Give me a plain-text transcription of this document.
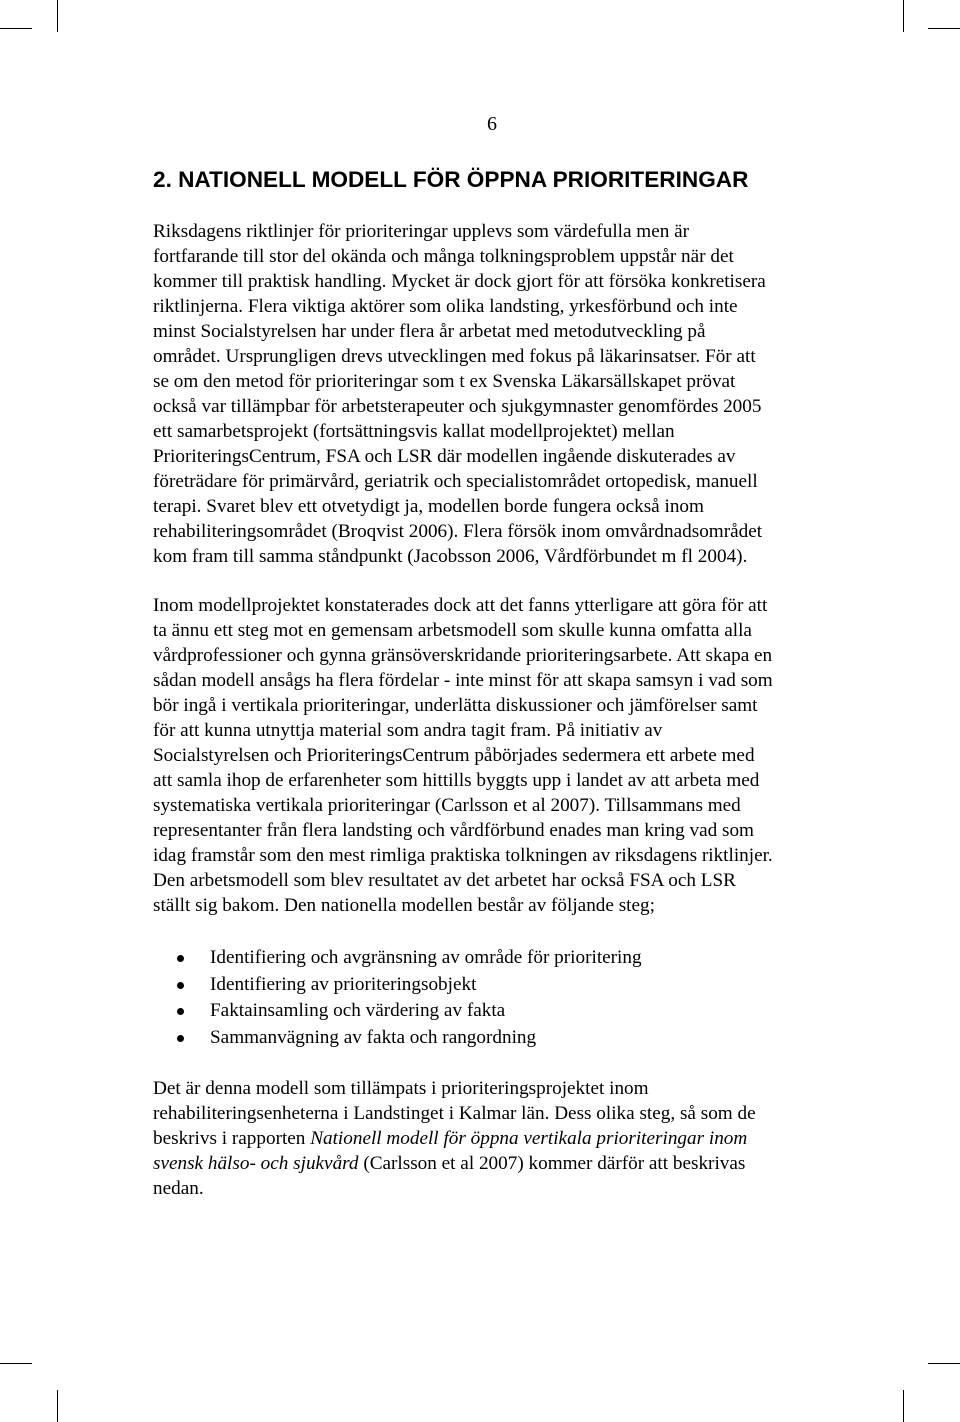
6
2. NATIONELL MODELL FÖR ÖPPNA PRIORITERINGAR
Riksdagens riktlinjer för prioriteringar upplevs som värdefulla men är
fortfarande till stor del okända och många tolkningsproblem uppstår när det
kommer till praktisk handling. Mycket är dock gjort för att försöka konkretisera
riktlinjerna. Flera viktiga aktörer som olika landsting, yrkesförbund och inte
minst Socialstyrelsen har under flera år arbetat med metodutveckling på
området. Ursprungligen drevs utvecklingen med fokus på läkarinsatser. För att
se om den metod för prioriteringar som t ex Svenska Läkarsällskapet prövat
också var tillämpbar för arbetsterapeuter och sjukgymnaster genomfördes 2005
ett samarbetsprojekt (fortsättningsvis kallat modellprojektet) mellan
PrioriteringsCentrum, FSA och LSR där modellen ingående diskuterades av
företrädare för primärvård, geriatrik och specialistområdet ortopedisk, manuell
terapi. Svaret blev ett otvetydigt ja, modellen borde fungera också inom
rehabiliteringsområdet (Broqvist 2006). Flera försök inom omvårdnadsområdet
kom fram till samma ståndpunkt (Jacobsson 2006, Vårdförbundet m fl 2004).
Inom modellprojektet konstaterades dock att det fanns ytterligare att göra för att
ta ännu ett steg mot en gemensam arbetsmodell som skulle kunna omfatta alla
vårdprofessioner och gynna gränsöverskridande prioriteringsarbete. Att skapa en
sådan modell ansågs ha flera fördelar - inte minst för att skapa samsyn i vad som
bör ingå i vertikala prioriteringar, underlätta diskussioner och jämförelser samt
för att kunna utnyttja material som andra tagit fram. På initiativ av
Socialstyrelsen och PrioriteringsCentrum påbörjades sedermera ett arbete med
att samla ihop de erfarenheter som hittills byggts upp i landet av att arbeta med
systematiska vertikala prioriteringar (Carlsson et al 2007). Tillsammans med
representanter från flera landsting och vårdförbund enades man kring vad som
idag framstår som den mest rimliga praktiska tolkningen av riksdagens riktlinjer.
Den arbetsmodell som blev resultatet av det arbetet har också FSA och LSR
ställt sig bakom. Den nationella modellen består av följande steg;
Identifiering och avgränsning av område för prioritering
Identifiering av prioriteringsobjekt
Faktainsamling och värdering av fakta
Sammanvägning av fakta och rangordning
Det är denna modell som tillämpats i prioriteringsprojektet inom
rehabiliteringsenheterna i Landstinget i Kalmar län. Dess olika steg, så som de
beskrivs i rapporten Nationell modell för öppna vertikala prioriteringar inom
svensk hälso- och sjukvård (Carlsson et al 2007) kommer därför att beskrivas
nedan.
